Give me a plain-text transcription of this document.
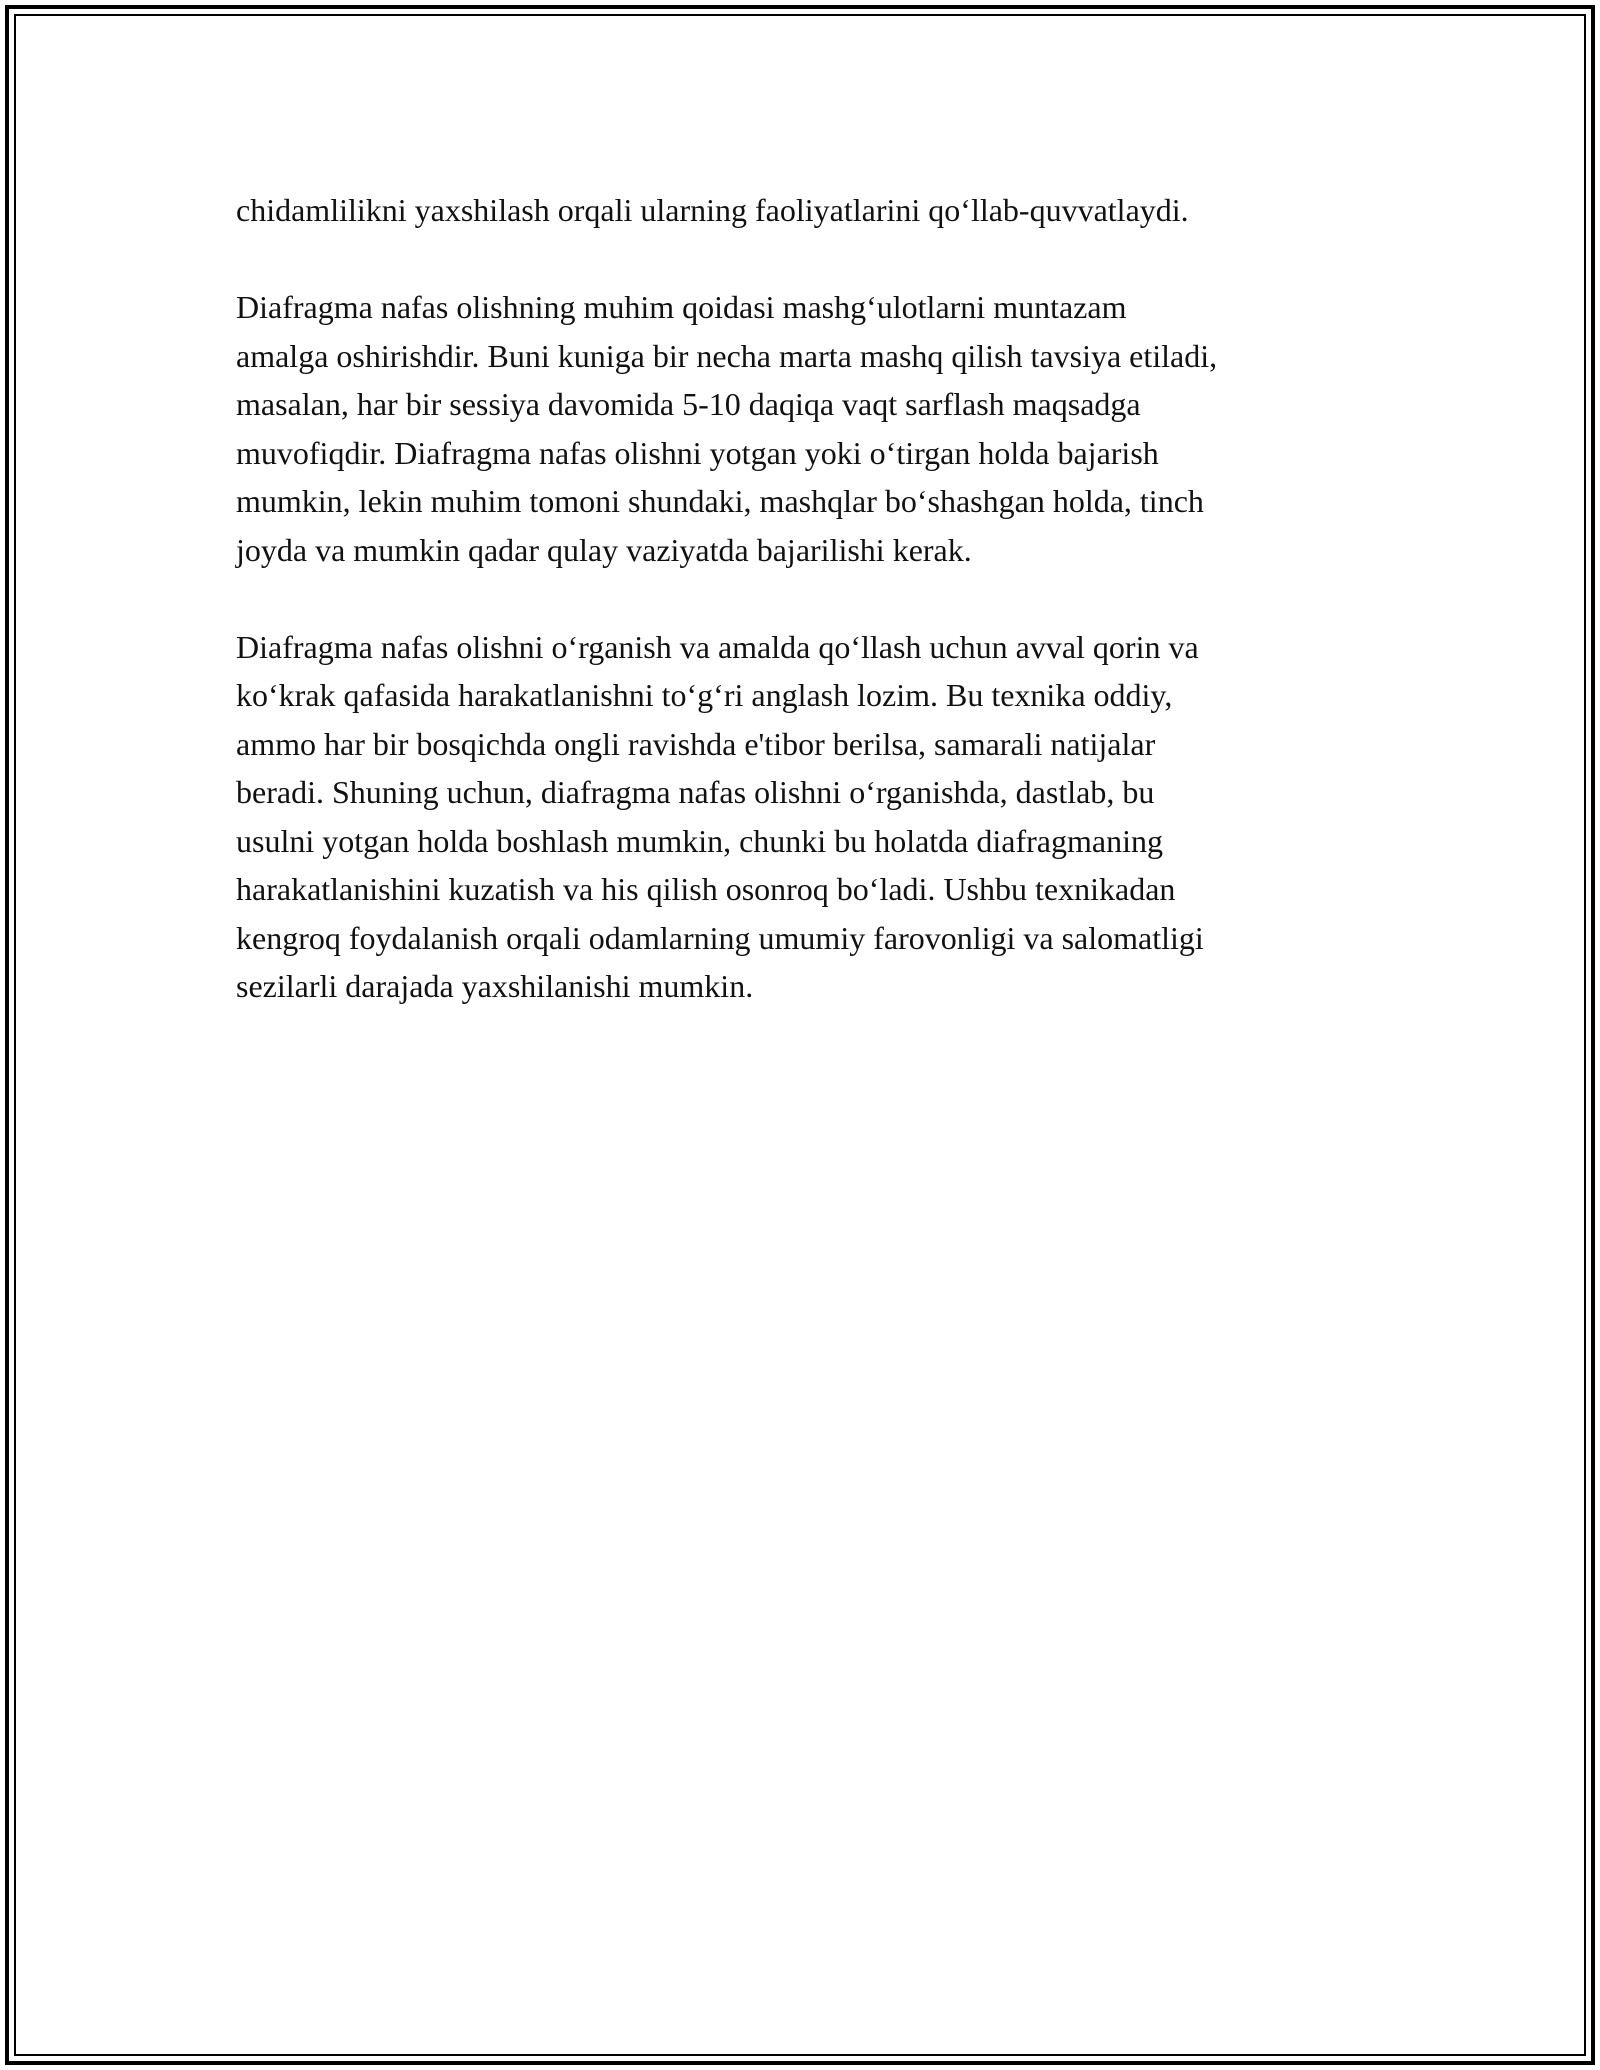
chidamlilikni yaxshilash orqali ularning faoliyatlarini qo‘llab-quvvatlaydi.

Diafragma nafas olishning muhim qoidasi mashg‘ulotlarni muntazam
amalga oshirishdir. Buni kuniga bir necha marta mashq qilish tavsiya etiladi,
masalan, har bir sessiya davomida 5-10 daqiqa vaqt sarflash maqsadga
muvofiqdir. Diafragma nafas olishni yotgan yoki o‘tirgan holda bajarish
mumkin, lekin muhim tomoni shundaki, mashqlar bo‘shashgan holda, tinch
joyda va mumkin qadar qulay vaziyatda bajarilishi kerak.

Diafragma nafas olishni o‘rganish va amalda qo‘llash uchun avval qorin va
ko‘krak qafasida harakatlanishni to‘g‘ri anglash lozim. Bu texnika oddiy,
ammo har bir bosqichda ongli ravishda e'tibor berilsa, samarali natijalar
beradi. Shuning uchun, diafragma nafas olishni o‘rganishda, dastlab, bu
usulni yotgan holda boshlash mumkin, chunki bu holatda diafragmaning
harakatlanishini kuzatish va his qilish osonroq bo‘ladi. Ushbu texnikadan
kengroq foydalanish orqali odamlarning umumiy farovonligi va salomatligi
sezilarli darajada yaxshilanishi mumkin.
